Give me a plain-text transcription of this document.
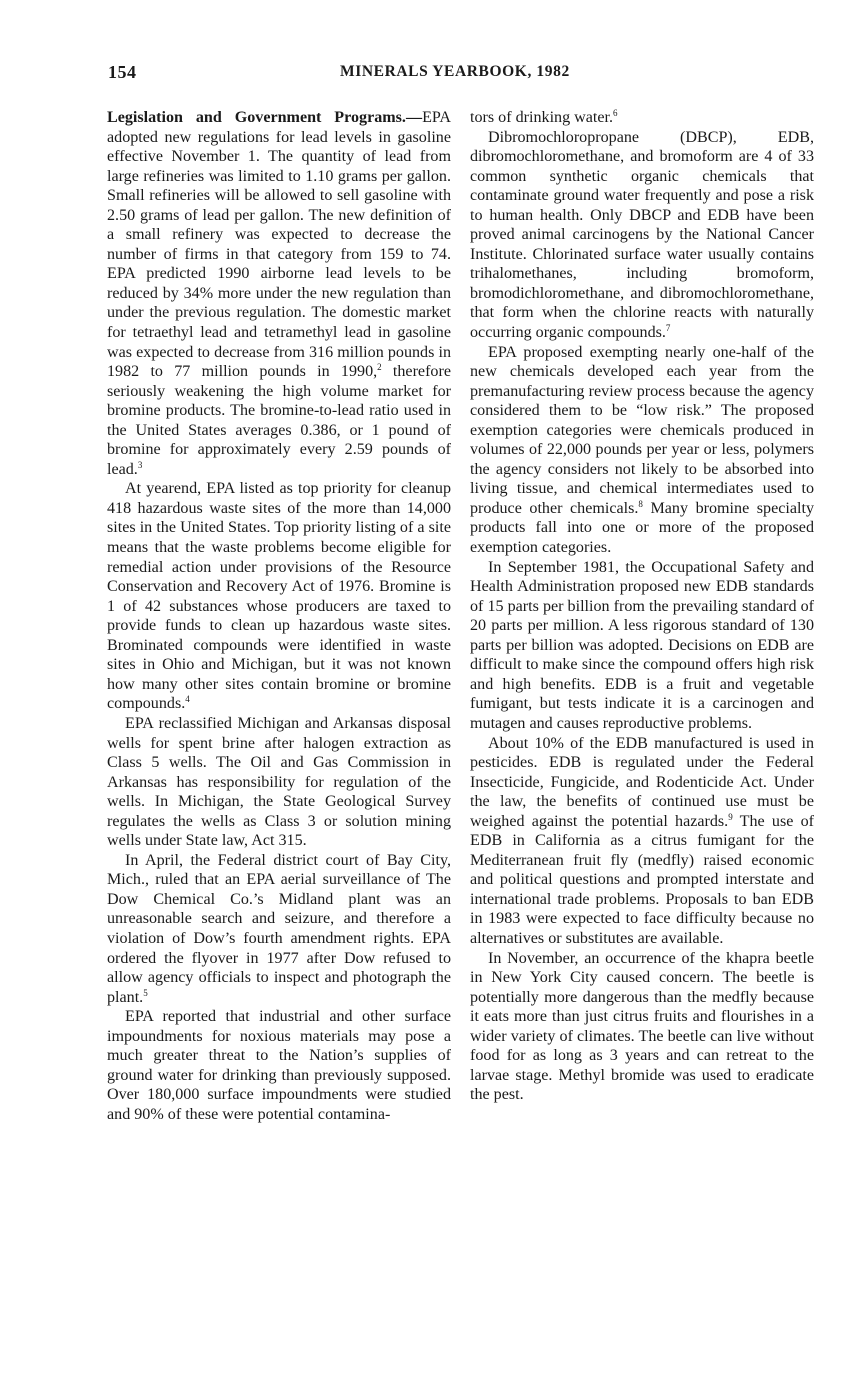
154	MINERALS YEARBOOK, 1982

Legislation and Government Programs.—EPA adopted new regulations for lead levels in gasoline effective November 1. The quantity of lead from large refineries was limited to 1.10 grams per gallon. Small refineries will be allowed to sell gasoline with 2.50 grams of lead per gallon. The new definition of a small refinery was expected to decrease the number of firms in that category from 159 to 74. EPA predicted 1990 airborne lead levels to be reduced by 34% more under the new regulation than under the previous regulation. The domestic market for tetraethyl lead and tetramethyl lead in gasoline was expected to decrease from 316 million pounds in 1982 to 77 million pounds in 1990,$^2$ therefore seriously weakening the high volume market for bromine products. The bromine-to-lead ratio used in the United States averages 0.386, or 1 pound of bromine for approximately every 2.59 pounds of lead.$^3$

At yearend, EPA listed as top priority for cleanup 418 hazardous waste sites of the more than 14,000 sites in the United States. Top priority listing of a site means that the waste problems become eligible for remedial action under provisions of the Resource Conservation and Recovery Act of 1976. Bromine is 1 of 42 substances whose producers are taxed to provide funds to clean up hazardous waste sites. Brominated compounds were identified in waste sites in Ohio and Michigan, but it was not known how many other sites contain bromine or bromine compounds.$^4$

EPA reclassified Michigan and Arkansas disposal wells for spent brine after halogen extraction as Class 5 wells. The Oil and Gas Commission in Arkansas has responsibility for regulation of the wells. In Michigan, the State Geological Survey regulates the wells as Class 3 or solution mining wells under State law, Act 315.

In April, the Federal district court of Bay City, Mich., ruled that an EPA aerial surveillance of The Dow Chemical Co.’s Midland plant was an unreasonable search and seizure, and therefore a violation of Dow’s fourth amendment rights. EPA ordered the flyover in 1977 after Dow refused to allow agency officials to inspect and photograph the plant.$^5$

EPA reported that industrial and other surface impoundments for noxious materials may pose a much greater threat to the Nation’s supplies of ground water for drinking than previously supposed. Over 180,000 surface impoundments were studied and 90% of these were potential contamina-

tors of drinking water.$^6$

Dibromochloropropane (DBCP), EDB, dibromochloromethane, and bromoform are 4 of 33 common synthetic organic chemicals that contaminate ground water frequently and pose a risk to human health. Only DBCP and EDB have been proved animal carcinogens by the National Cancer Institute. Chlorinated surface water usually contains trihalomethanes, including bromoform, bromodichloromethane, and dibromochloromethane, that form when the chlorine reacts with naturally occurring organic compounds.$^7$

EPA proposed exempting nearly one-half of the new chemicals developed each year from the premanufacturing review process because the agency considered them to be “low risk.” The proposed exemption categories were chemicals produced in volumes of 22,000 pounds per year or less, polymers the agency considers not likely to be absorbed into living tissue, and chemical intermediates used to produce other chemicals.$^8$ Many bromine specialty products fall into one or more of the proposed exemption categories.

In September 1981, the Occupational Safety and Health Administration proposed new EDB standards of 15 parts per billion from the prevailing standard of 20 parts per million. A less rigorous standard of 130 parts per billion was adopted. Decisions on EDB are difficult to make since the compound offers high risk and high benefits. EDB is a fruit and vegetable fumigant, but tests indicate it is a carcinogen and mutagen and causes reproductive problems.

About 10% of the EDB manufactured is used in pesticides. EDB is regulated under the Federal Insecticide, Fungicide, and Rodenticide Act. Under the law, the benefits of continued use must be weighed against the potential hazards.$^9$ The use of EDB in California as a citrus fumigant for the Mediterranean fruit fly (medfly) raised economic and political questions and prompted interstate and international trade problems. Proposals to ban EDB in 1983 were expected to face difficulty because no alternatives or substitutes are available.

In November, an occurrence of the khapra beetle in New York City caused concern. The beetle is potentially more dangerous than the medfly because it eats more than just citrus fruits and flourishes in a wider variety of climates. The beetle can live without food for as long as 3 years and can retreat to the larvae stage. Methyl bromide was used to eradicate the pest.
